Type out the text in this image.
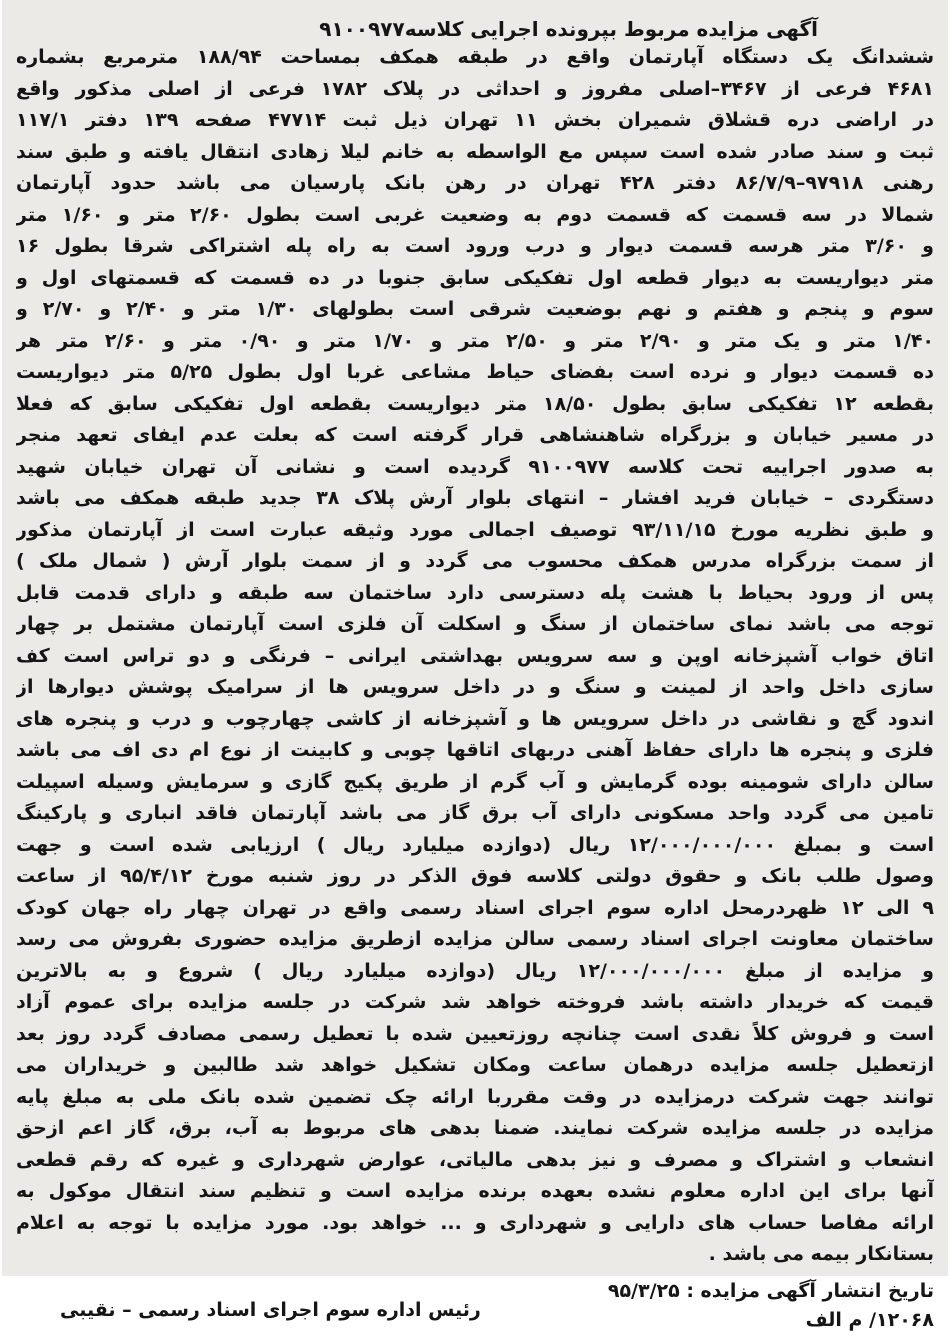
آگهی مزایده مربوط بپرونده اجرایی کلاسه۹۱۰۰۹۷۷
ششدانگ یک دستگاه آپارتمان واقع در طبقه همکف بمساحت ۱۸۸/۹۴ مترمربع بشماره
۴۶۸۱ فرعی از ۳۴۶۷–اصلی مفروز و احداثی در پلاک ۱۷۸۲ فرعی از اصلی مذکور واقع
در اراضی دره قشلاق شمیران بخش ۱۱ تهران ذیل ثبت ۴۷۷۱۴ صفحه ۱۳۹ دفتر ۱۱۷/۱
ثبت و سند صادر شده است سپس مع الواسطه به خانم لیلا زهادی انتقال یافته و طبق سند
رهنی ۹۷۹۱۸–۸۶/۷/۹ دفتر ۴۲۸ تهران در رهن بانک پارسیان می باشد حدود آپارتمان
شمالا در سه قسمت که قسمت دوم به وضعیت غربی است بطول ۲/۶۰ متر و ۱/۶۰ متر
و ۳/۶۰ متر هرسه قسمت دیوار و درب ورود است به راه پله اشتراکی شرقا بطول ۱۶
متر دیواریست به دیوار قطعه اول تفکیکی سابق جنوبا در ده قسمت که قسمتهای اول و
سوم و پنجم و هفتم و نهم بوضعیت شرقی است بطولهای ۱/۳۰ متر و ۲/۴۰ و ۲/۷۰ و
۱/۴۰ متر و یک متر و ۲/۹۰ متر و ۲/۵۰ متر و ۱/۷۰ متر و ۰/۹۰ متر و ۲/۶۰ متر هر
ده قسمت دیوار و نرده است بفضای حیاط مشاعی غربا اول بطول ۵/۲۵ متر دیواریست
بقطعه ۱۲ تفکیکی سابق بطول ۱۸/۵۰ متر دیواریست بقطعه اول تفکیکی سابق که فعلا
در مسیر خیابان و بزرگراه شاهنشاهی قرار گرفته است که بعلت عدم ایفای تعهد منجر
به صدور اجراییه تحت کلاسه ۹۱۰۰۹۷۷ گردیده است و نشانی آن تهران خیابان شهید
دستگردی – خیابان فرید افشار – انتهای بلوار آرش پلاک ۳۸ جدید طبقه همکف می باشد
و طبق نظریه مورخ ۹۳/۱۱/۱۵ توصیف اجمالی مورد وثیقه عبارت است از آپارتمان مذکور
از سمت بزرگراه مدرس همکف محسوب می گردد و از سمت بلوار آرش ( شمال ملک )
پس از ورود بحیاط با هشت پله دسترسی دارد ساختمان سه طبقه و دارای قدمت قابل
توجه می باشد نمای ساختمان از سنگ و اسکلت آن فلزی است آپارتمان مشتمل بر چهار
اتاق خواب آشپزخانه اوپن و سه سرویس بهداشتی ایرانی – فرنگی و دو تراس است کف
سازی داخل واحد از لمینت و سنگ و در داخل سرویس ها از سرامیک پوشش دیوارها از
اندود گچ و نقاشی در داخل سرویس ها و آشپزخانه از کاشی چهارچوب و درب و پنجره های
فلزی و پنجره ها دارای حفاظ آهنی دربهای اتاقها چوبی و کابینت از نوع ام دی اف می باشد
سالن دارای شومینه بوده گرمایش و آب گرم از طریق پکیج گازی و سرمایش وسیله اسپیلت
تامین می گردد واحد مسکونی دارای آب برق گاز می باشد آپارتمان فاقد انباری و پارکینگ
است و بمبلغ ۱۲/۰۰۰/۰۰۰/۰۰۰ ریال (دوازده میلیارد ریال ) ارزیابی شده است و جهت
وصول طلب بانک و حقوق دولتی کلاسه فوق الذکر در روز شنبه مورخ ۹۵/۴/۱۲ از ساعت
۹ الی ۱۲ ظهردرمحل اداره سوم اجرای اسناد رسمی واقع در تهران چهار راه جهان کودک
ساختمان معاونت اجرای اسناد رسمی سالن مزایده ازطریق مزایده حضوری بفروش می رسد
و مزایده از مبلغ ۱۲/۰۰۰/۰۰۰/۰۰۰ ریال (دوازده میلیارد ریال ) شروع و به بالاترین
قیمت که خریدار داشته باشد فروخته خواهد شد شرکت در جلسه مزایده برای عموم آزاد
است و فروش کلاً نقدی است چنانچه روزتعیین شده با تعطیل رسمی مصادف گردد روز بعد
ازتعطیل جلسه مزایده درهمان ساعت ومکان تشکیل خواهد شد طالبین و خریداران می
توانند جهت شرکت درمزایده در وقت مقرربا ارائه چک تضمین شده بانک ملی به مبلغ پایه
مزایده در جلسه مزایده شرکت نمایند. ضمنا بدهی های مربوط به آب، برق، گاز اعم ازحق
انشعاب و اشتراک و مصرف و نیز بدهی مالیاتی، عوارض شهرداری و غیره که رقم قطعی
آنها برای این اداره معلوم نشده بعهده برنده مزایده است و تنظیم سند انتقال موکول به
ارائه مفاصا حساب های دارایی و شهرداری و ... خواهد بود. مورد مزایده با توجه به اعلام
بستانکار بیمه می باشد .
تاریخ انتشار آگهی مزایده : ۹۵/۳/۲۵
۱۲۰۶۸/ م الف
رئیس اداره سوم اجرای اسناد رسمی – نقیبی
